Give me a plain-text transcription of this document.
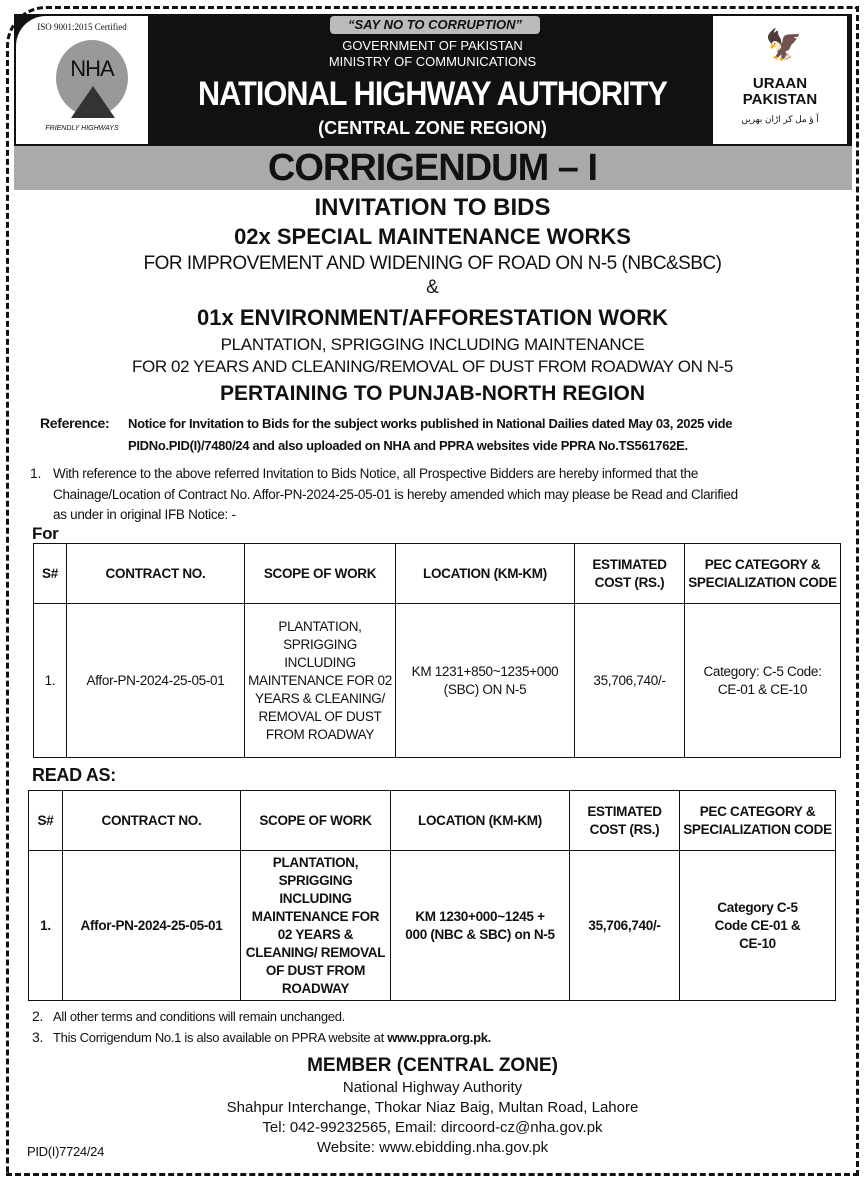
ISO 9001:2015 Certified
NHA
FRIENDLY HIGHWAYS
🦅
URAAN
PAKISTAN
آ ؤ مل کر اڑان بھریں
“SAY NO TO CORRUPTION”
GOVERNMENT OF PAKISTAN
MINISTRY OF COMMUNICATIONS
NATIONAL HIGHWAY AUTHORITY
(CENTRAL ZONE REGION)
CORRIGENDUM – I
INVITATION TO BIDS
02x SPECIAL MAINTENANCE WORKS
FOR IMPROVEMENT AND WIDENING OF ROAD ON N-5 (NBC&SBC)
&
01x ENVIRONMENT/AFFORESTATION WORK
PLANTATION, SPRIGGING INCLUDING MAINTENANCE
FOR 02 YEARS AND CLEANING/REMOVAL OF DUST FROM ROADWAY ON N-5
PERTAINING TO PUNJAB-NORTH REGION
Reference: Notice for Invitation to Bids for the subject works published in National Dailies dated May 03, 2025 vide
PIDNo.PID(I)/7480/24 and also uploaded on NHA and PPRA websites vide PPRA No.TS561762E.
1. With reference to the above referred Invitation to Bids Notice, all Prospective Bidders are hereby informed that the
Chainage/Location of Contract No. Affor-PN-2024-25-05-01 is hereby amended which may please be Read and Clarified
as under in original IFB Notice: -
For
S#	CONTRACT NO.	SCOPE OF WORK	LOCATION (KM-KM)	ESTIMATED COST (RS.)	PEC CATEGORY & SPECIALIZATION CODE
1.	Affor-PN-2024-25-05-01	PLANTATION, SPRIGGING INCLUDING MAINTENANCE FOR 02 YEARS & CLEANING/ REMOVAL OF DUST FROM ROADWAY	KM 1231+850~1235+000 (SBC) ON N-5	35,706,740/-	Category: C-5 Code: CE-01 & CE-10
READ AS:
S#	CONTRACT NO.	SCOPE OF WORK	LOCATION (KM-KM)	ESTIMATED COST (RS.)	PEC CATEGORY & SPECIALIZATION CODE
1.	Affor-PN-2024-25-05-01	PLANTATION, SPRIGGING INCLUDING MAINTENANCE FOR 02 YEARS & CLEANING/ REMOVAL OF DUST FROM ROADWAY	KM 1230+000~1245 + 000 (NBC & SBC) on N-5	35,706,740/-	Category C-5 Code CE-01 & CE-10
2. All other terms and conditions will remain unchanged.
3. This Corrigendum No.1 is also available on PPRA website at www.ppra.org.pk.
MEMBER (CENTRAL ZONE)
National Highway Authority
Shahpur Interchange, Thokar Niaz Baig, Multan Road, Lahore
Tel: 042-99232565, Email: dircoord-cz@nha.gov.pk
Website: www.ebidding.nha.gov.pk
PID(I)7724/24
